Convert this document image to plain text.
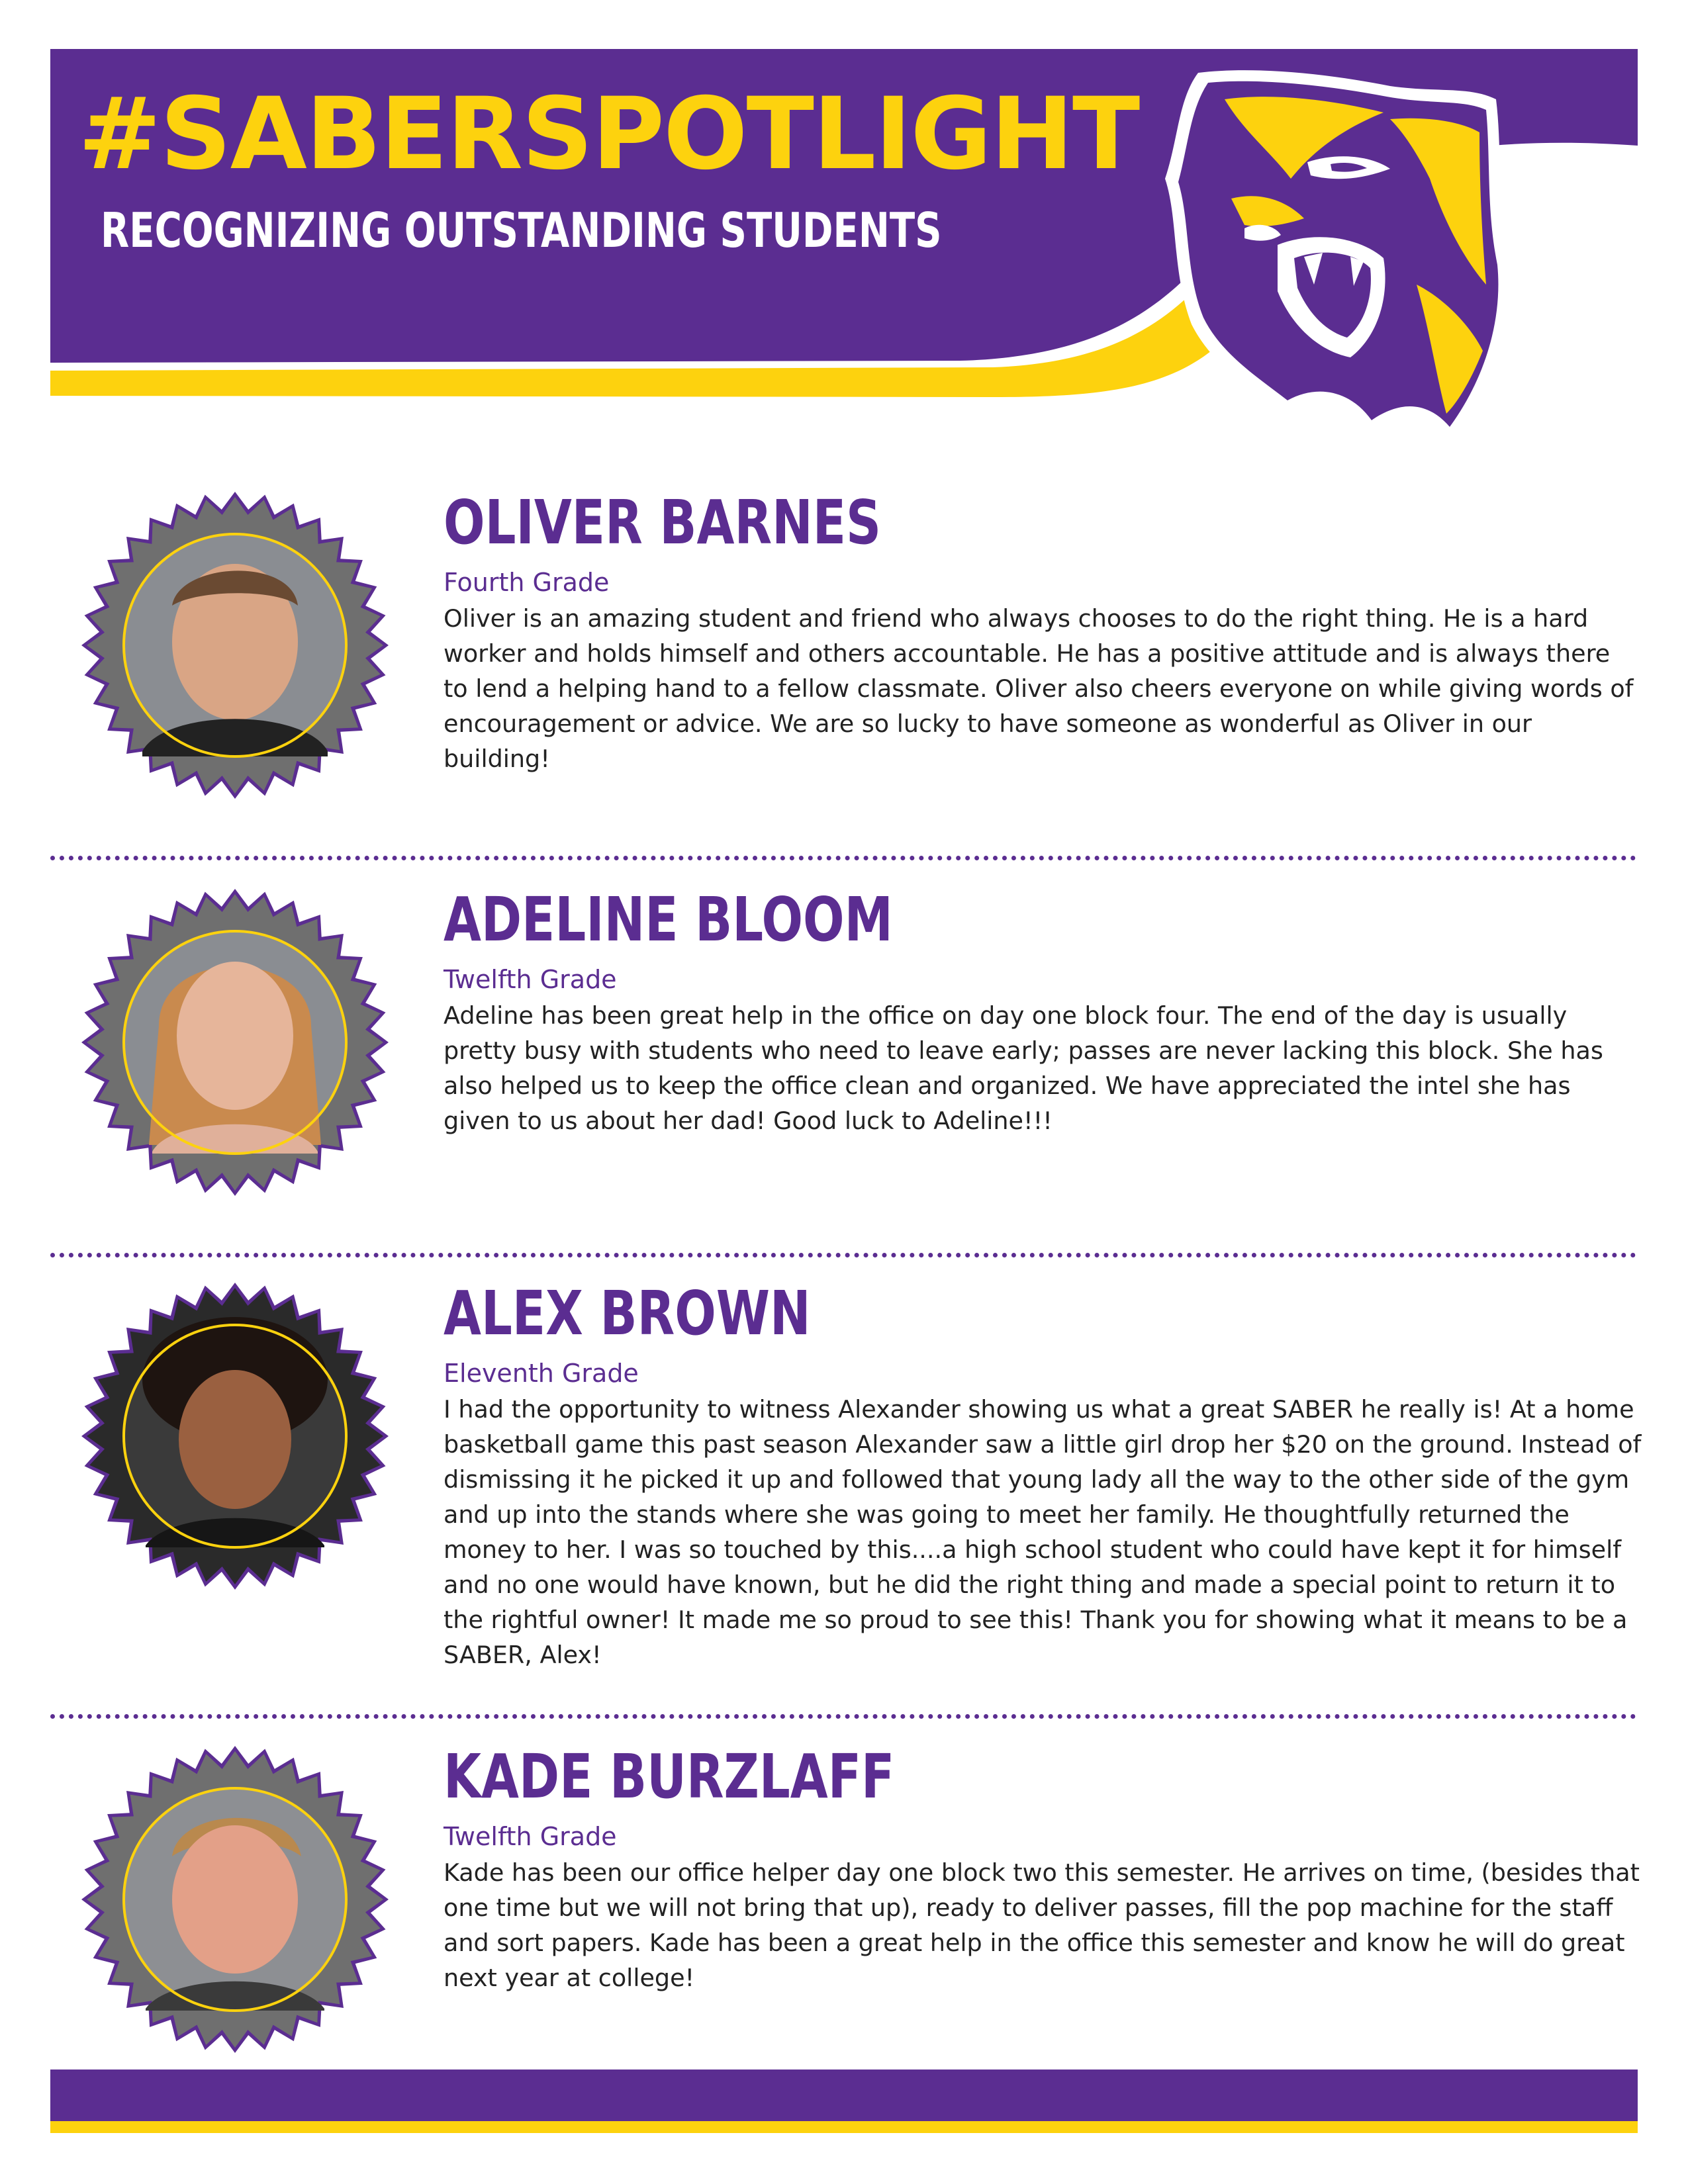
#SABERSPOTLIGHT
RECOGNIZING OUTSTANDING STUDENTS
OLIVER BARNES
Fourth Grade

Oliver is an amazing student and friend who always chooses to do the right thing. He is a hard worker and holds himself and others accountable. He has a positive attitude and is always there to lend a helping hand to a fellow classmate. Oliver also cheers everyone on while giving words of encouragement or advice. We are so lucky to have someone as wonderful as Oliver in our building!

ADELINE BLOOM
Twelfth Grade

Adeline has been great help in the office on day one block four. The end of the day is usually pretty busy with students who need to leave early; passes are never lacking this block. She has also helped us to keep the office clean and organized. We have appreciated the intel she has given to us about her dad! Good luck to Adeline!!!

ALEX BROWN
Eleventh Grade

I had the opportunity to witness Alexander showing us what a great SABER he really is! At a home basketball game this past season Alexander saw a little girl drop her $20 on the ground. Instead of dismissing it he picked it up and followed that young lady all the way to the other side of the gym and up into the stands where she was going to meet her family. He thoughtfully returned the money to her. I was so touched by this....a high school student who could have kept it for himself and no one would have known, but he did the right thing and made a special point to return it to the rightful owner! It made me so proud to see this! Thank you for showing what it means to be a SABER, Alex!

KADE BURZLAFF
Twelfth Grade

Kade has been our office helper day one block two this semester. He arrives on time, (besides that one time but we will not bring that up), ready to deliver passes, fill the pop machine for the staff and sort papers. Kade has been a great help in the office this semester and know he will do great next year at college!
